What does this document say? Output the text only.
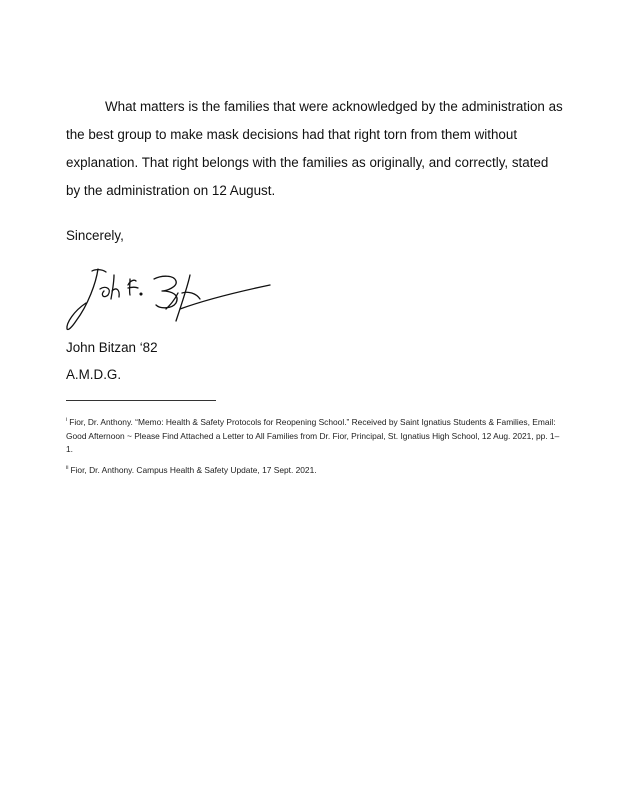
What matters is the families that were acknowledged by the administration as the best group to make mask decisions had that right torn from them without explanation. That right belongs with the families as originally, and correctly, stated by the administration on 12 August.

Sincerely,
John Bitzan ‘82
A.M.D.G.

$^i$ Fior, Dr. Anthony. “Memo: Health & Safety Protocols for Reopening School.” Received by Saint Ignatius Students & Families, Email: Good Afternoon ~ Please Find Attached a Letter to All Families from Dr. Fior, Principal, St. Ignatius High School, 12 Aug. 2021, pp. 1–1.

$^{ii}$ Fior, Dr. Anthony. Campus Health & Safety Update, 17 Sept. 2021.
